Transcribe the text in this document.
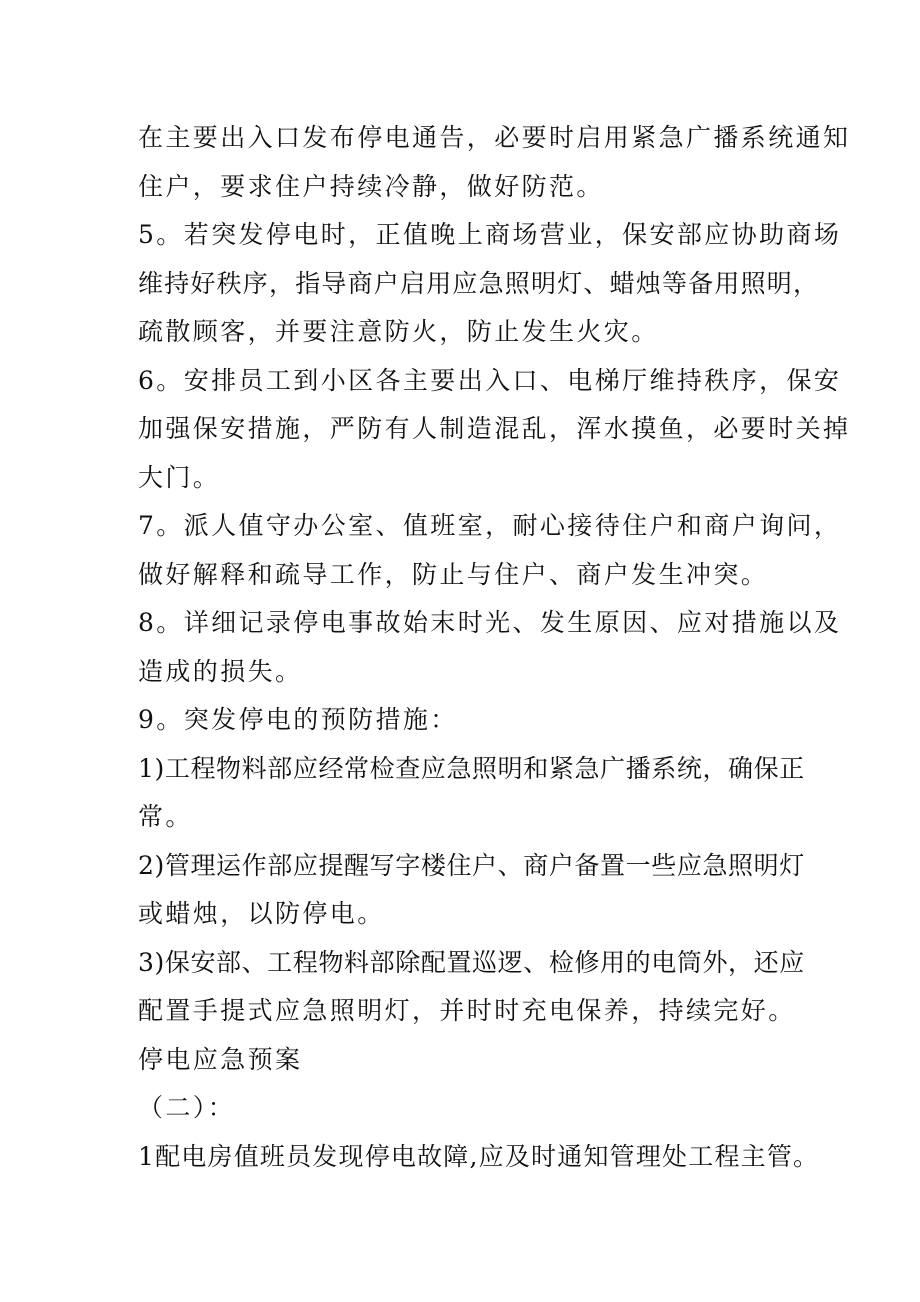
在主要出入口发布停电通告，必要时启用紧急广播系统通知
住户，要求住户持续冷静，做好防范。
5。若突发停电时，正值晚上商场营业，保安部应协助商场
维持好秩序，指导商户启用应急照明灯、蜡烛等备用照明，
疏散顾客，并要注意防火，防止发生火灾。
6。安排员工到小区各主要出入口、电梯厅维持秩序，保安
加强保安措施，严防有人制造混乱，浑水摸鱼，必要时关掉
大门。
7。派人值守办公室、值班室，耐心接待住户和商户询问，
做好解释和疏导工作，防止与住户、商户发生冲突。
8。详细记录停电事故始末时光、发生原因、应对措施以及
造成的损失。
9。突发停电的预防措施：
1)工程物料部应经常检查应急照明和紧急广播系统，确保正
常。
2)管理运作部应提醒写字楼住户、商户备置一些应急照明灯
或蜡烛，以防停电。
3)保安部、工程物料部除配置巡逻、检修用的电筒外，还应
配置手提式应急照明灯，并时时充电保养，持续完好。
停电应急预案
（二）：
1配电房值班员发现停电故障,应及时通知管理处工程主管。
